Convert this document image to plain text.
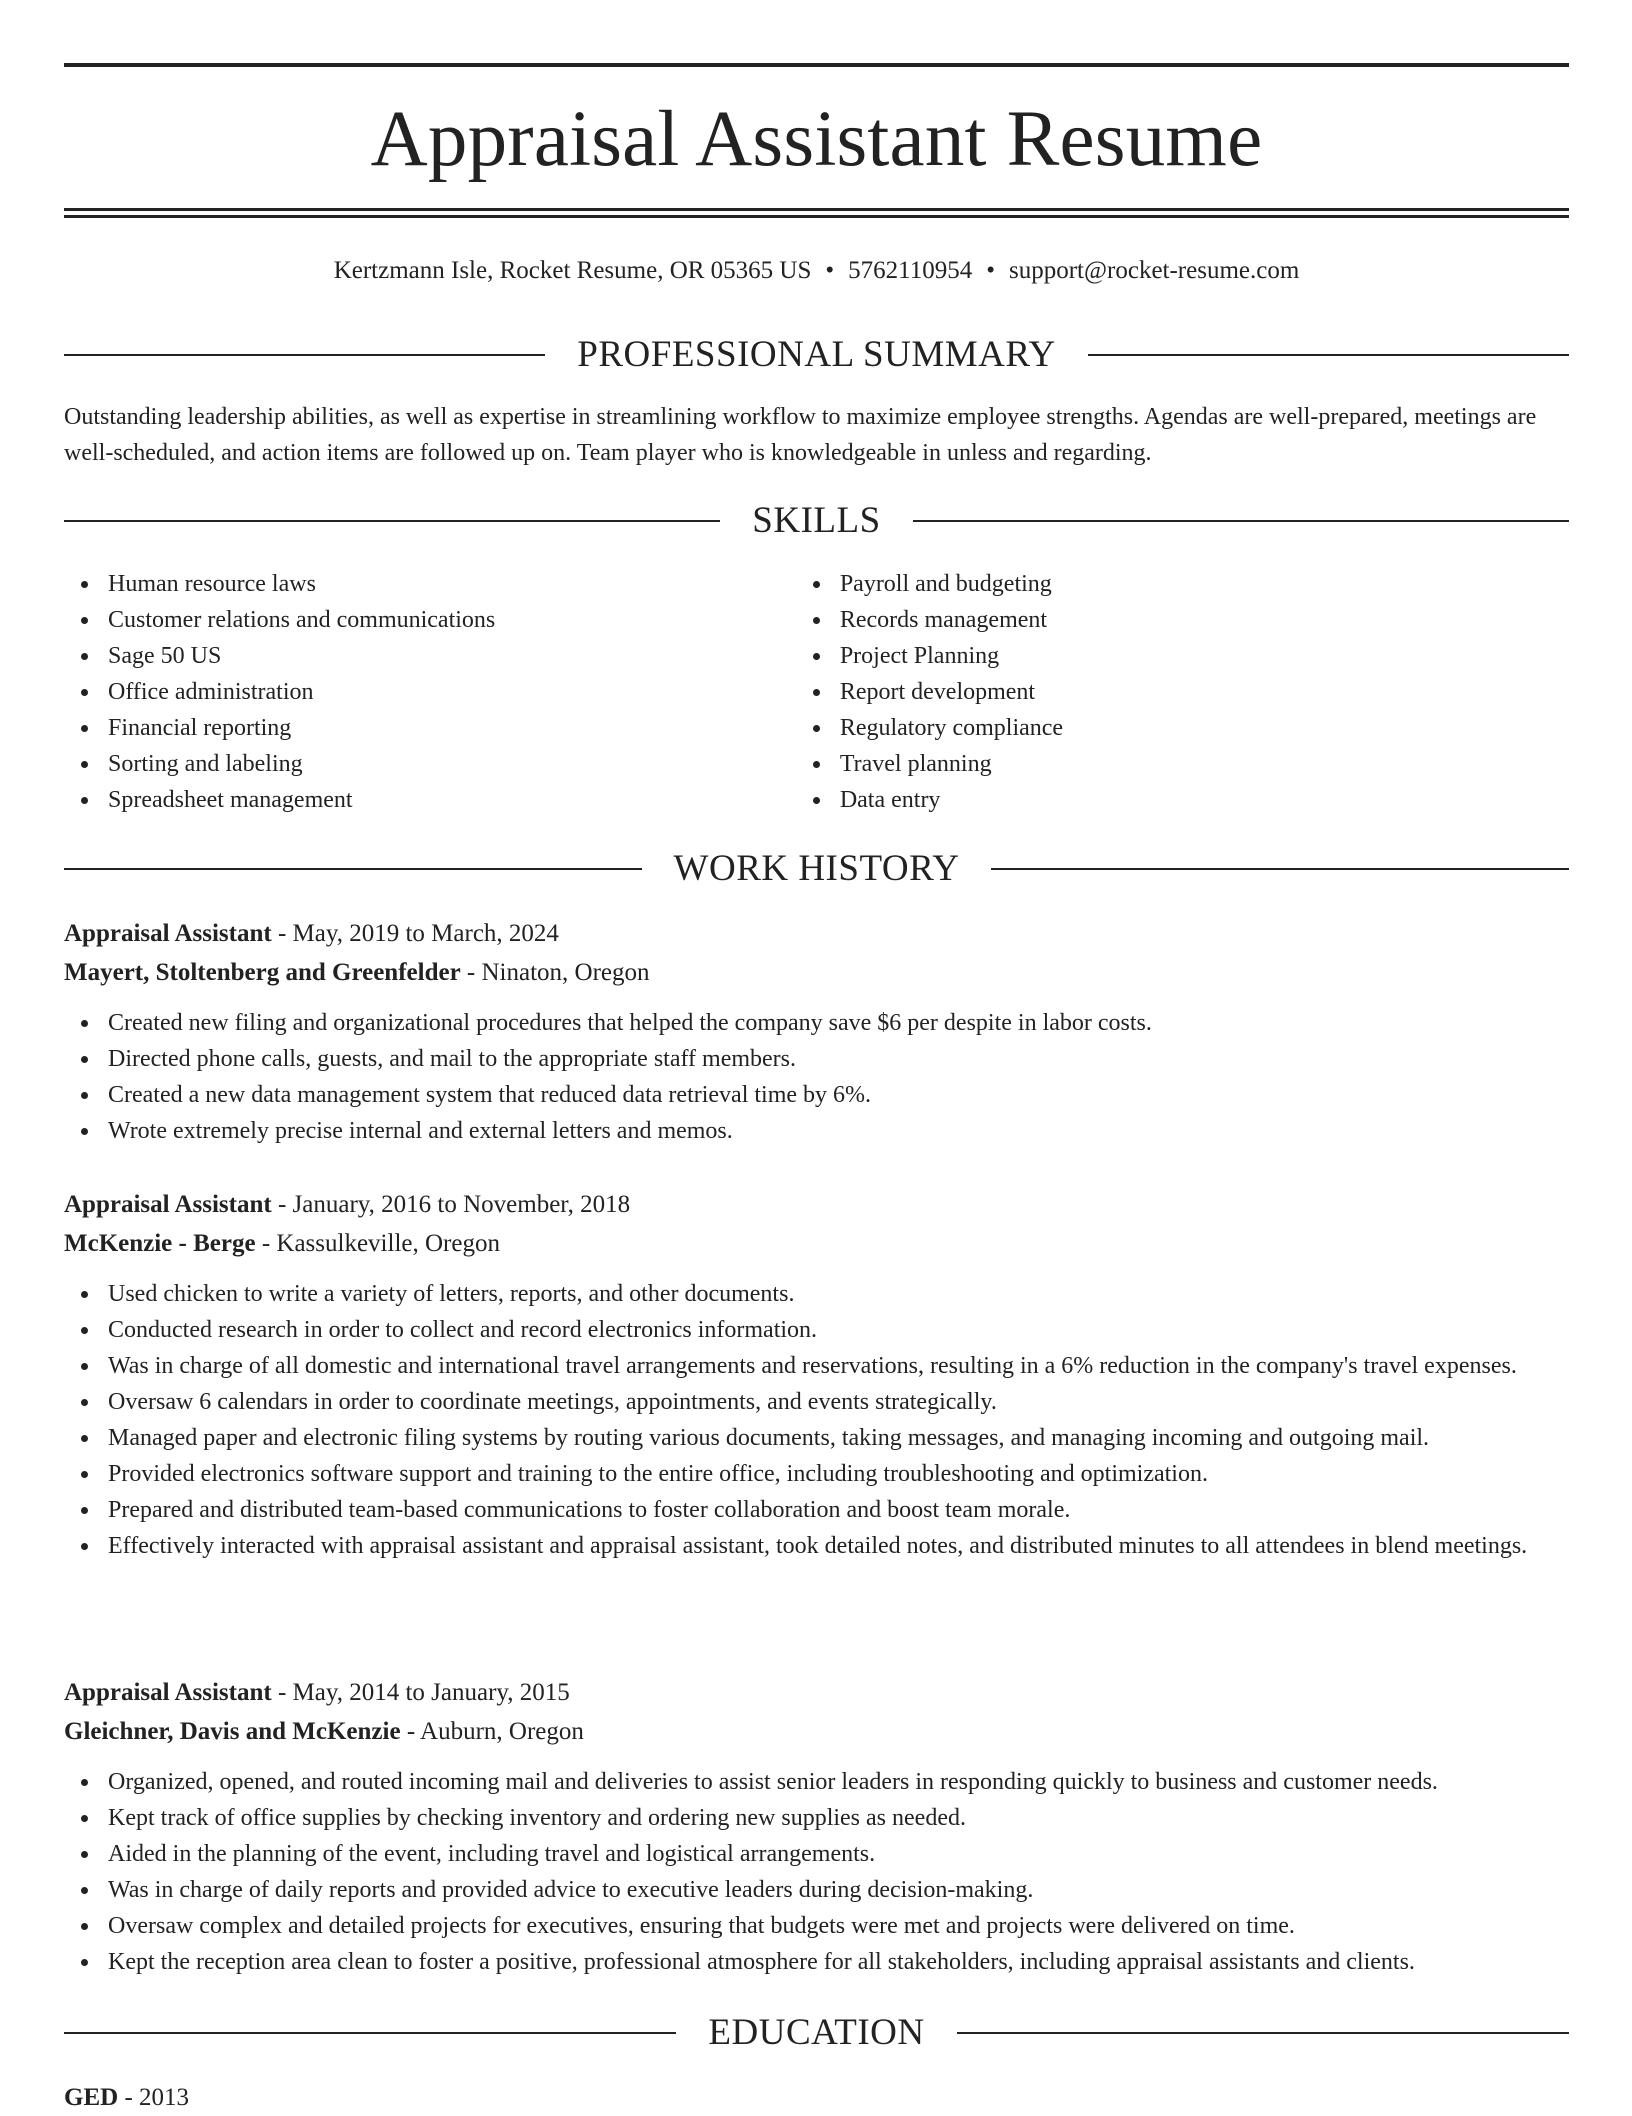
Appraisal Assistant Resume
Kertzmann Isle, Rocket Resume, OR 05365 US • 5762110954 • support@rocket-resume.com
PROFESSIONAL SUMMARY
Outstanding leadership abilities, as well as expertise in streamlining workflow to maximize employee strengths. Agendas are well-prepared, meetings are well-scheduled, and action items are followed up on. Team player who is knowledgeable in unless and regarding.
SKILLS
Human resource laws
Customer relations and communications
Sage 50 US
Office administration
Financial reporting
Sorting and labeling
Spreadsheet management
Payroll and budgeting
Records management
Project Planning
Report development
Regulatory compliance
Travel planning
Data entry
WORK HISTORY
Appraisal Assistant - May, 2019 to March, 2024
Mayert, Stoltenberg and Greenfelder - Ninaton, Oregon
Created new filing and organizational procedures that helped the company save $6 per despite in labor costs.
Directed phone calls, guests, and mail to the appropriate staff members.
Created a new data management system that reduced data retrieval time by 6%.
Wrote extremely precise internal and external letters and memos.
Appraisal Assistant - January, 2016 to November, 2018
McKenzie - Berge - Kassulkeville, Oregon
Used chicken to write a variety of letters, reports, and other documents.
Conducted research in order to collect and record electronics information.
Was in charge of all domestic and international travel arrangements and reservations, resulting in a 6% reduction in the company's travel expenses.
Oversaw 6 calendars in order to coordinate meetings, appointments, and events strategically.
Managed paper and electronic filing systems by routing various documents, taking messages, and managing incoming and outgoing mail.
Provided electronics software support and training to the entire office, including troubleshooting and optimization.
Prepared and distributed team-based communications to foster collaboration and boost team morale.
Effectively interacted with appraisal assistant and appraisal assistant, took detailed notes, and distributed minutes to all attendees in blend meetings.
Appraisal Assistant - May, 2014 to January, 2015
Gleichner, Davis and McKenzie - Auburn, Oregon
Organized, opened, and routed incoming mail and deliveries to assist senior leaders in responding quickly to business and customer needs.
Kept track of office supplies by checking inventory and ordering new supplies as needed.
Aided in the planning of the event, including travel and logistical arrangements.
Was in charge of daily reports and provided advice to executive leaders during decision-making.
Oversaw complex and detailed projects for executives, ensuring that budgets were met and projects were delivered on time.
Kept the reception area clean to foster a positive, professional atmosphere for all stakeholders, including appraisal assistants and clients.
EDUCATION
GED - 2013
